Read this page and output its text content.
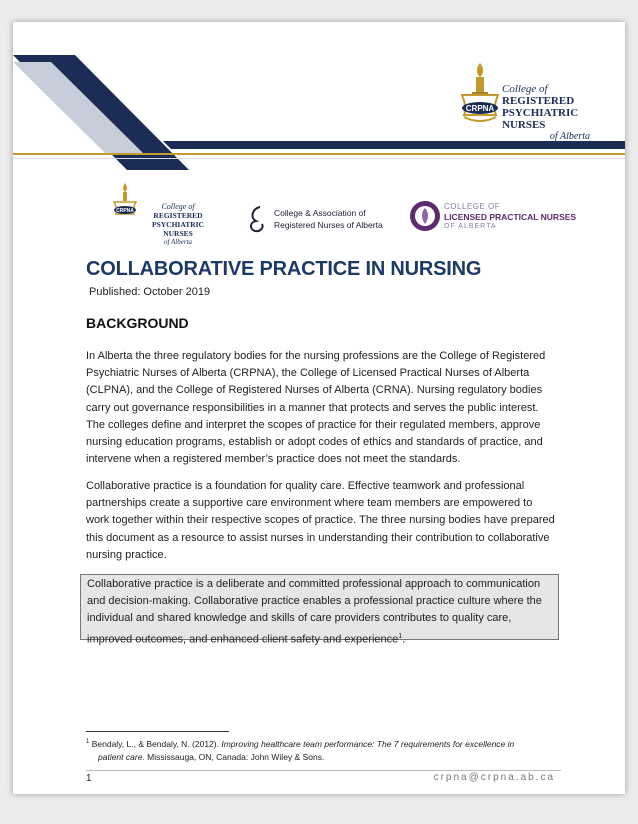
CRPNA
College of
REGISTERED
PSYCHIATRIC NURSES
of Alberta
CRPNA	College of
REGISTERED
PSYCHIATRIC NURSES
of Alberta
College & Association of
Registered Nurses of Alberta
COLLEGE OF
LICENSED PRACTICAL NURSES
OF ALBERTA
COLLABORATIVE PRACTICE IN NURSING
Published: October 2019
BACKGROUND

In Alberta the three regulatory bodies for the nursing professions are the College of Registered Psychiatric Nurses of Alberta (CRPNA), the College of Licensed Practical Nurses of Alberta (CLPNA), and the College of Registered Nurses of Alberta (CRNA). Nursing regulatory bodies carry out governance responsibilities in a manner that protects and serves the public interest. The colleges define and interpret the scopes of practice for their regulated members, approve nursing education programs, establish or adopt codes of ethics and standards of practice, and intervene when a registered member’s practice does not meet the standards.

Collaborative practice is a foundation for quality care. Effective teamwork and professional partnerships create a supportive care environment where team members are empowered to work together within their respective scopes of practice. The three nursing bodies have prepared this document as a resource to assist nurses in understanding their contribution to collaborative nursing practice.

Collaborative practice is a deliberate and committed professional approach to communication and decision-making. Collaborative practice enables a professional practice culture where the individual and shared knowledge and skills of care providers contributes to quality care, improved outcomes, and enhanced client safety and experience$^1$.
$^1$ Bendaly, L., & Bendaly, N. (2012). Improving healthcare team performance: The 7 requirements for excellence in
patient care. Mississauga, ON, Canada: John Wiley & Sons.
1	crpna@crpna.ab.ca
